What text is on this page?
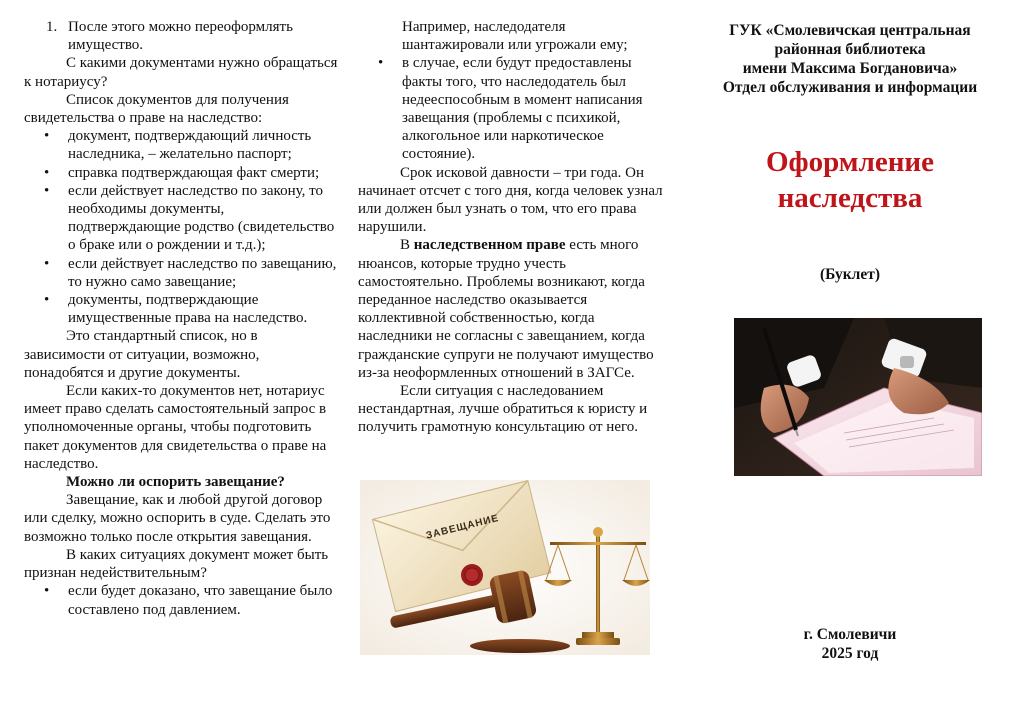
1. После этого можно переоформлять имущество.

С какими документами нужно обращаться к нотариусу?

Список документов для получения свидетельства о праве на наследство:

• документ, подтверждающий личность наследника, – желательно паспорт;
• справка подтверждающая факт смерти;
• если действует наследство по закону, то необходимы документы, подтверждающие родство (свидетельство о браке или о рождении и т.д.);
• если действует наследство по завещанию, то нужно само завещание;
• документы, подтверждающие имущественные права на наследство.

Это стандартный список, но в зависимости от ситуации, возможно, понадобятся и другие документы.

Если каких-то документов нет, нотариус имеет право сделать самостоятельный запрос в уполномоченные органы, чтобы подготовить пакет документов для свидетельства о праве на наследство.

Можно ли оспорить завещание?

Завещание, как и любой другой договор или сделку, можно оспорить в суде. Сделать это возможно только после открытия завещания.

В каких ситуациях документ может быть признан недействительным?

• если будет доказано, что завещание было составлено под давлением.

Например, наследодателя шантажировали или угрожали ему;

• в случае, если будут предоставлены факты того, что наследодатель был недееспособным в момент написания завещания (проблемы с психикой, алкогольное или наркотическое состояние).

Срок исковой давности – три года. Он начинает отсчет с того дня, когда человек узнал или должен был узнать о том, что его права нарушили.

В наследственном праве есть много нюансов, которые трудно учесть самостоятельно. Проблемы возникают, когда переданное наследство оказывается коллективной собственностью, когда наследники не согласны с завещанием, когда гражданские супруги не получают имущество из-за неоформленных отношений в ЗАГСе.

Если ситуация с наследованием нестандартная, лучше обратиться к юристу и получить грамотную консультацию от него.

ЗАВЕЩАНИЕ
ГУК «Смолевичская центральная
районная библиотека
имени Максима Богдановича»
Отдел обслуживания и информации
Оформление
наследства
(Буклет)
г. Смолевичи
2025 год
